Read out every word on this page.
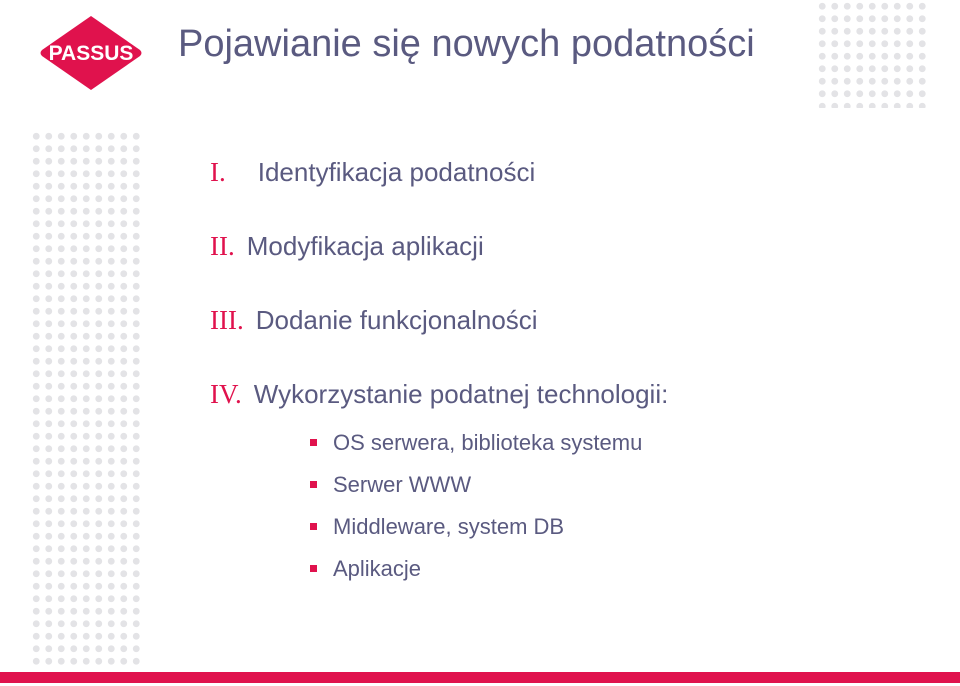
PASSUS Pojawianie się nowych podatności
I. Identyfikacja podatności
II. Modyfikacja aplikacji
III. Dodanie funkcjonalności
IV. Wykorzystanie podatnej technologii:
OS serwera, biblioteka systemu
Serwer WWW
Middleware, system DB
Aplikacje
